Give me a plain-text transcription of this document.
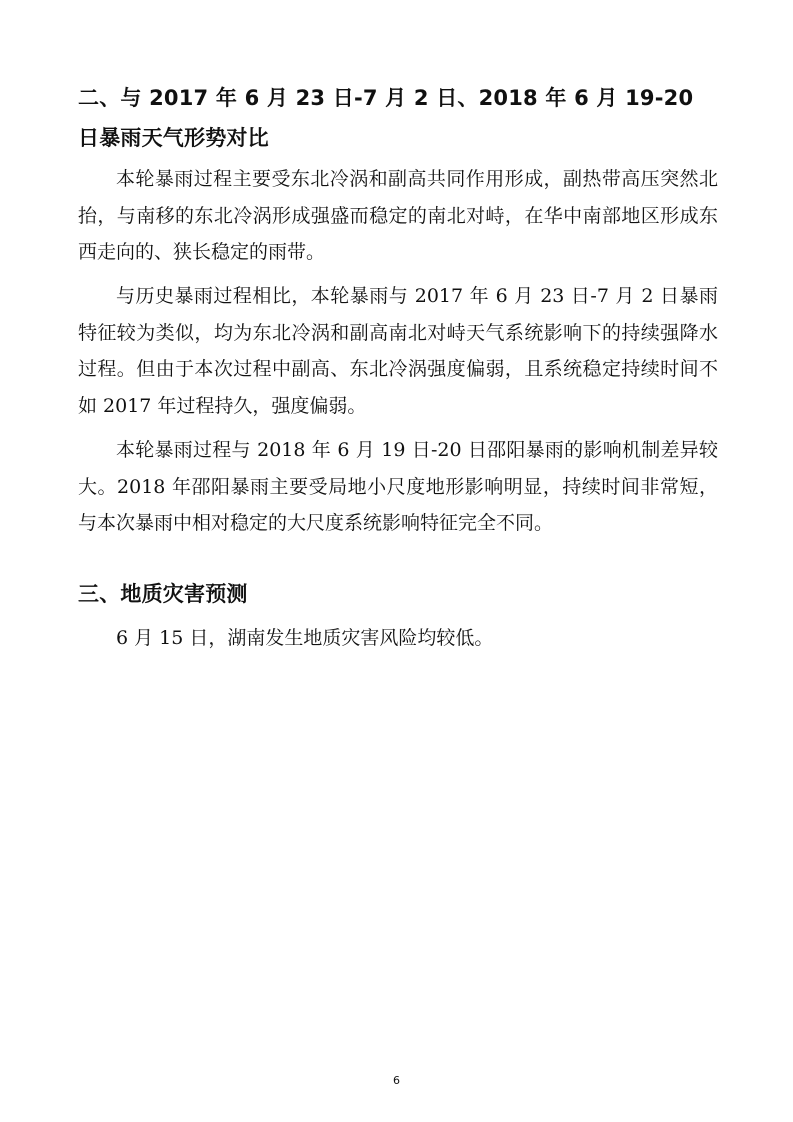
二、与 2017 年 6 月 23 日-7 月 2 日、2018 年 6 月 19-20 日暴雨天气形势对比

本轮暴雨过程主要受东北冷涡和副高共同作用形成，副热带高压突然北抬，与南移的东北冷涡形成强盛而稳定的南北对峙，在华中南部地区形成东西走向的、狭长稳定的雨带。

与历史暴雨过程相比，本轮暴雨与 2017 年 6 月 23 日-7 月 2 日暴雨特征较为类似，均为东北冷涡和副高南北对峙天气系统影响下的持续强降水过程。但由于本次过程中副高、东北冷涡强度偏弱，且系统稳定持续时间不如 2017 年过程持久，强度偏弱。

本轮暴雨过程与 2018 年 6 月 19 日-20 日邵阳暴雨的影响机制差异较大。2018 年邵阳暴雨主要受局地小尺度地形影响明显，持续时间非常短，与本次暴雨中相对稳定的大尺度系统影响特征完全不同。

三、地质灾害预测

6 月 15 日，湖南发生地质灾害风险均较低。

6
